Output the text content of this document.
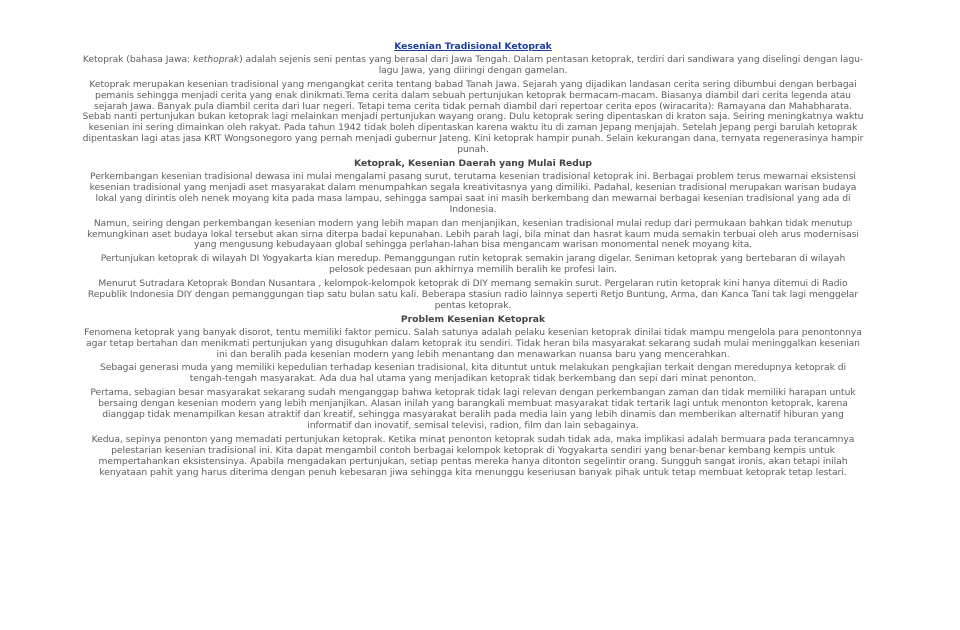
Kesenian Tradisional Ketoprak

Ketoprak (bahasa Jawa: kethoprak) adalah sejenis seni pentas yang berasal dari Jawa Tengah. Dalam pentasan ketoprak, terdiri dari sandiwara yang diselingi dengan lagu-lagu Jawa, yang diiringi dengan gamelan.

Ketoprak merupakan kesenian tradisional yang mengangkat cerita tentang babad Tanah Jawa. Sejarah yang dijadikan landasan cerita sering dibumbui dengan berbagai pemanis sehingga menjadi cerita yang enak dinikmati.Tema cerita dalam sebuah pertunjukan ketoprak bermacam-macam. Biasanya diambil dari cerita legenda atau sejarah Jawa. Banyak pula diambil cerita dari luar negeri. Tetapi tema cerita tidak pernah diambil dari repertoar cerita epos (wiracarita): Ramayana dan Mahabharata. Sebab nanti pertunjukan bukan ketoprak lagi melainkan menjadi pertunjukan wayang orang. Dulu ketoprak sering dipentaskan di kraton saja. Seiring meningkatnya waktu kesenian ini sering dimainkan oleh rakyat. Pada tahun 1942 tidak boleh dipentaskan karena waktu itu di zaman Jepang menjajah. Setelah Jepang pergi barulah ketoprak dipentaskan lagi atas jasa KRT Wongsonegoro yang pernah menjadi gubernur Jateng. Kini ketoprak hampir punah. Selain kekurangan dana, ternyata regenerasinya hampir punah.

Ketoprak, Kesenian Daerah yang Mulai Redup

Perkembangan kesenian tradisional dewasa ini mulai mengalami pasang surut, terutama kesenian tradisional ketoprak ini. Berbagai problem terus mewarnai eksistensi kesenian tradisional yang menjadi aset masyarakat dalam menumpahkan segala kreativitasnya yang dimiliki. Padahal, kesenian tradisional merupakan warisan budaya lokal yang dirintis oleh nenek moyang kita pada masa lampau, sehingga sampai saat ini masih berkembang dan mewarnai berbagai kesenian tradisional yang ada di Indonesia.

Namun, seiring dengan perkembangan kesenian modern yang lebih mapan dan menjanjikan, kesenian tradisional mulai redup dari permukaan bahkan tidak menutup kemungkinan aset budaya lokal tersebut akan sirna diterpa badai kepunahan. Lebih parah lagi, bila minat dan hasrat kaum muda semakin terbuai oleh arus modernisasi yang mengusung kebudayaan global sehingga perlahan-lahan bisa mengancam warisan monomental nenek moyang kita.

Pertunjukan ketoprak di wilayah DI Yogyakarta kian meredup. Pemanggungan rutin ketoprak semakin jarang digelar. Seniman ketoprak yang bertebaran di wilayah pelosok pedesaan pun akhirnya memilih beralih ke profesi lain.

Menurut Sutradara Ketoprak Bondan Nusantara , kelompok-kelompok ketoprak di DIY memang semakin surut. Pergelaran rutin ketoprak kini hanya ditemui di Radio Republik Indonesia DIY dengan pemanggungan tiap satu bulan satu kali. Beberapa stasiun radio lainnya seperti Retjo Buntung, Arma, dan Kanca Tani tak lagi menggelar pentas ketoprak.

Problem Kesenian Ketoprak

Fenomena ketoprak yang banyak disorot, tentu memiliki faktor pemicu. Salah satunya adalah pelaku kesenian ketoprak dinilai tidak mampu mengelola para penontonnya agar tetap bertahan dan menikmati pertunjukan yang disuguhkan dalam ketoprak itu sendiri. Tidak heran bila masyarakat sekarang sudah mulai meninggalkan kesenian ini dan beralih pada kesenian modern yang lebih menantang dan menawarkan nuansa baru yang mencerahkan.

Sebagai generasi muda yang memiliki kepedulian terhadap kesenian tradisional, kita dituntut untuk melakukan pengkajian terkait dengan meredupnya ketoprak di tengah-tengah masyarakat. Ada dua hal utama yang menjadikan ketoprak tidak berkembang dan sepi dari minat penonton.

Pertama, sebagian besar masyarakat sekarang sudah menganggap bahwa ketoprak tidak lagi relevan dengan perkembangan zaman dan tidak memiliki harapan untuk bersaing dengan kesenian modern yang lebih menjanjikan. Alasan inilah yang barangkali membuat masyarakat tidak tertarik lagi untuk menonton ketoprak, karena dianggap tidak menampilkan kesan atraktif dan kreatif, sehingga masyarakat beralih pada media lain yang lebih dinamis dan memberikan alternatif hiburan yang informatif dan inovatif, semisal televisi, radion, film dan lain sebagainya.

Kedua, sepinya penonton yang memadati pertunjukan ketoprak. Ketika minat penonton ketoprak sudah tidak ada, maka implikasi adalah bermuara pada terancamnya pelestarian kesenian tradisional ini. Kita dapat mengambil contoh berbagai kelompok ketoprak di Yogyakarta sendiri yang benar-benar kembang kempis untuk mempertahankan eksistensinya. Apabila mengadakan pertunjukan, setiap pentas mereka hanya ditonton segelintir orang. Sungguh sangat ironis, akan tetapi inilah kenyataan pahit yang harus diterima dengan penuh kebesaran jiwa sehingga kita menunggu keseriusan banyak pihak untuk tetap membuat ketoprak tetap lestari.
